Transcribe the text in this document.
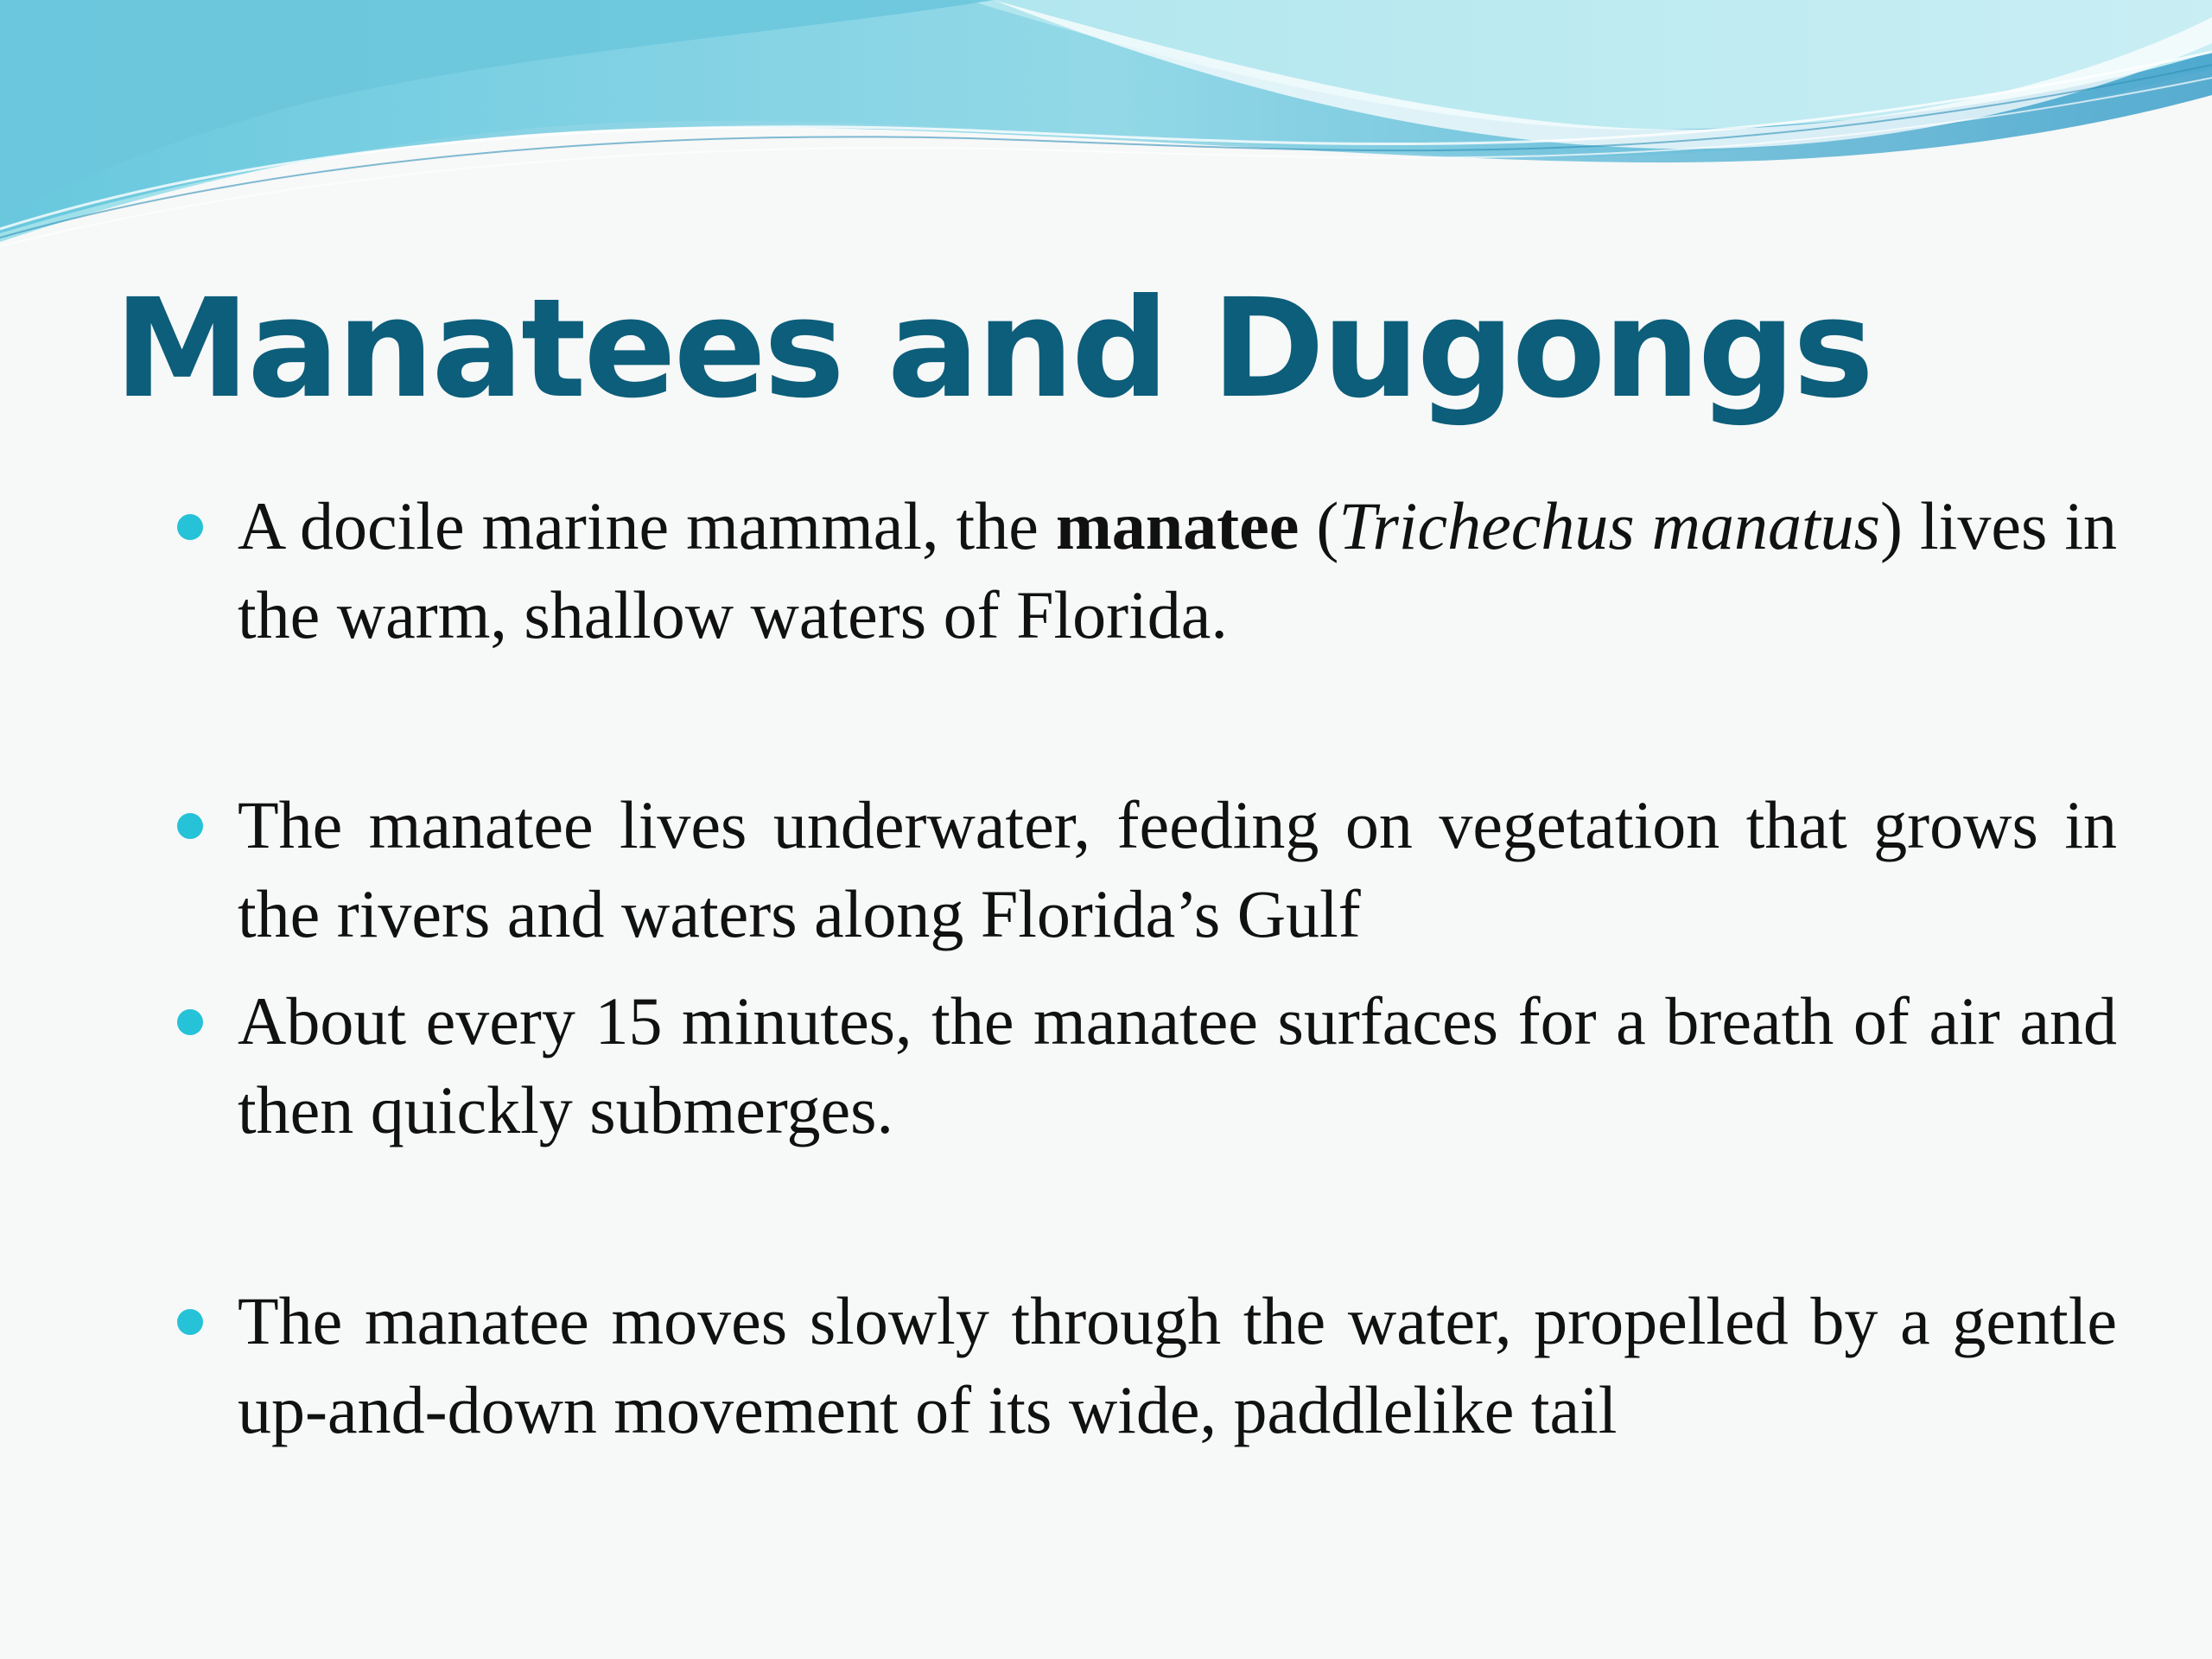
Manatees and Dugongs
A docile marine mammal, the manatee (Trichechus manatus) lives in the warm, shallow waters of Florida.
The manatee lives underwater, feeding on vegetation that grows in the rivers and waters along Florida’s Gulf
About every 15 minutes, the manatee surfaces for a breath of air and then quickly submerges.
The manatee moves slowly through the water, propelled by a gentle up-and-down movement of its wide, paddlelike tail
